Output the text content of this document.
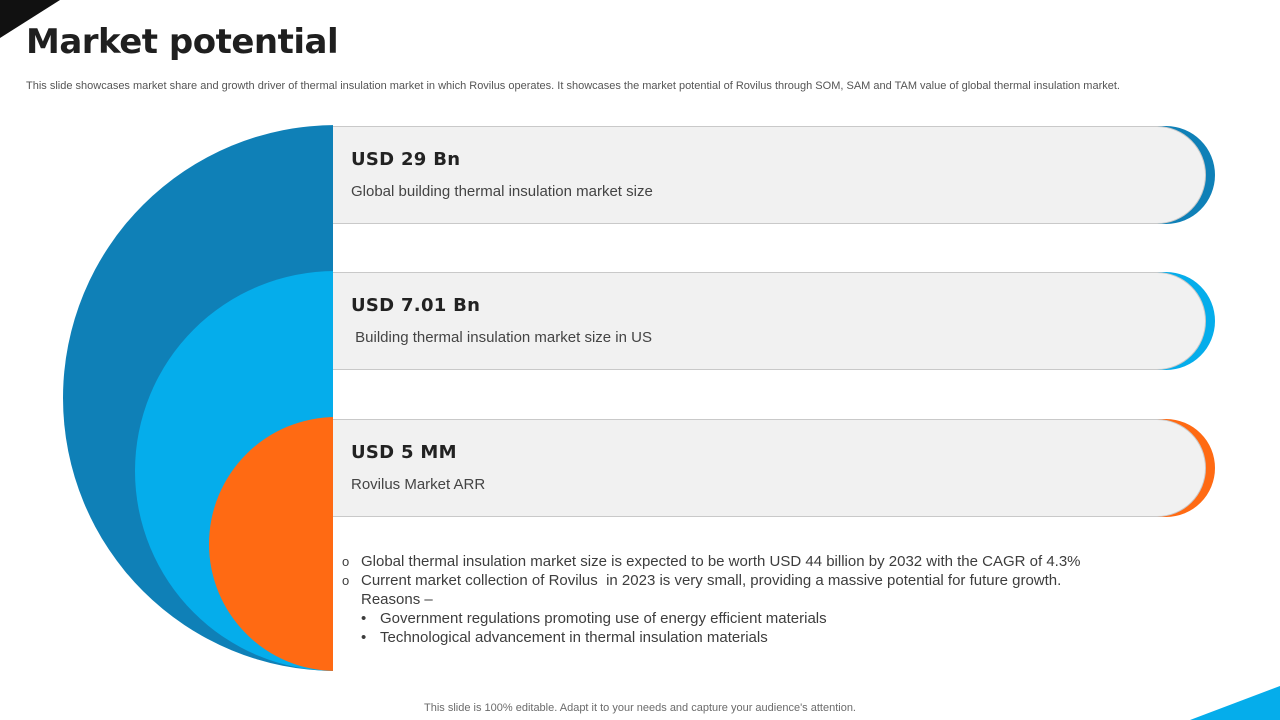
Market potential

This slide showcases market share and growth driver of thermal insulation market in which Rovilus operates. It showcases the market potential of Rovilus through SOM, SAM and TAM value of global thermal insulation market.

USD 29 Bn

Global building thermal insulation market size

USD 7.01 Bn

Building thermal insulation market size in US

USD 5 MM

Rovilus Market ARR

o Global thermal insulation market size is expected to be worth USD 44 billion by 2032 with the CAGR of 4.3%
o Current market collection of Rovilus  in 2023 is very small, providing a massive potential for future growth.
Reasons –
• Government regulations promoting use of energy efficient materials
• Technological advancement in thermal insulation materials
This slide is 100% editable. Adapt it to your needs and capture your audience's attention.
